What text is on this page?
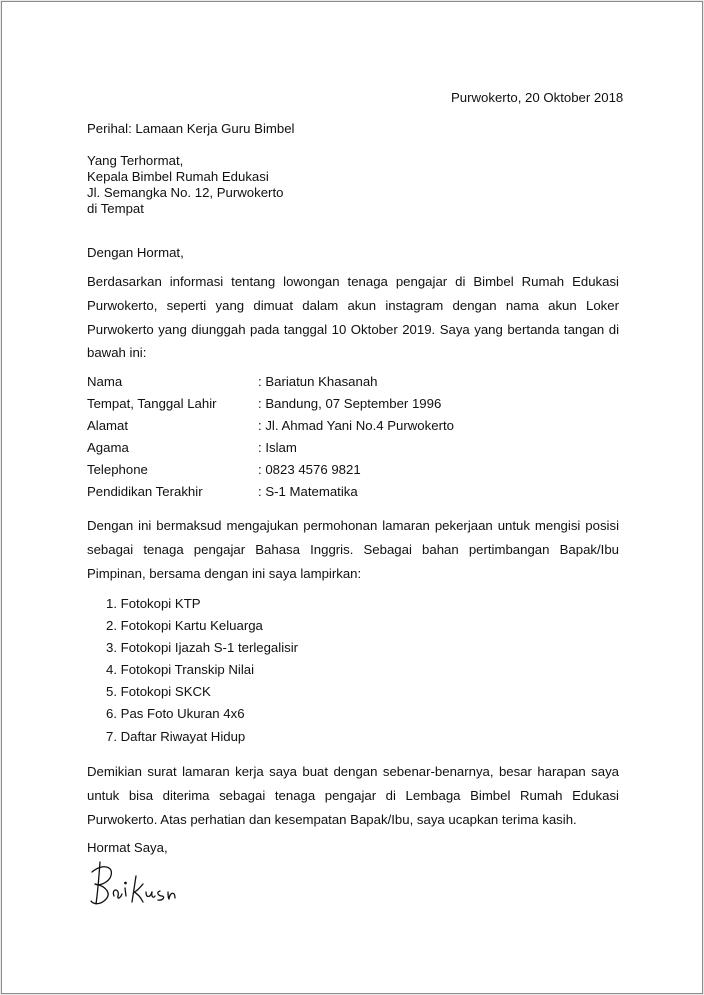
Purwokerto, 20 Oktober 2018
Perihal: Lamaan Kerja Guru Bimbel
Yang Terhormat,
Kepala Bimbel Rumah Edukasi
Jl. Semangka No. 12, Purwokerto
di Tempat
Dengan Hormat,
Berdasarkan informasi tentang lowongan tenaga pengajar di Bimbel Rumah Edukasi Purwokerto, seperti yang dimuat dalam akun instagram dengan nama akun Loker Purwokerto yang diunggah pada tanggal 10 Oktober 2019. Saya yang bertanda tangan di bawah ini:
Nama	: Bariatun Khasanah
Tempat, Tanggal Lahir	: Bandung, 07 September 1996
Alamat	: Jl. Ahmad Yani No.4 Purwokerto
Agama	: Islam
Telephone	: 0823 4576 9821
Pendidikan Terakhir	: S-1 Matematika
Dengan ini bermaksud mengajukan permohonan lamaran pekerjaan untuk mengisi posisi sebagai tenaga pengajar Bahasa Inggris. Sebagai bahan pertimbangan Bapak/Ibu Pimpinan, bersama dengan ini saya lampirkan:
1. Fotokopi KTP
2. Fotokopi Kartu Keluarga
3. Fotokopi Ijazah S-1 terlegalisir
4. Fotokopi Transkip Nilai
5. Fotokopi SKCK
6. Pas Foto Ukuran 4x6
7. Daftar Riwayat Hidup
Demikian surat lamaran kerja saya buat dengan sebenar-benarnya, besar harapan saya untuk bisa diterima sebagai tenaga pengajar di Lembaga Bimbel Rumah Edukasi Purwokerto. Atas perhatian dan kesempatan Bapak/Ibu, saya ucapkan terima kasih.
Hormat Saya,
